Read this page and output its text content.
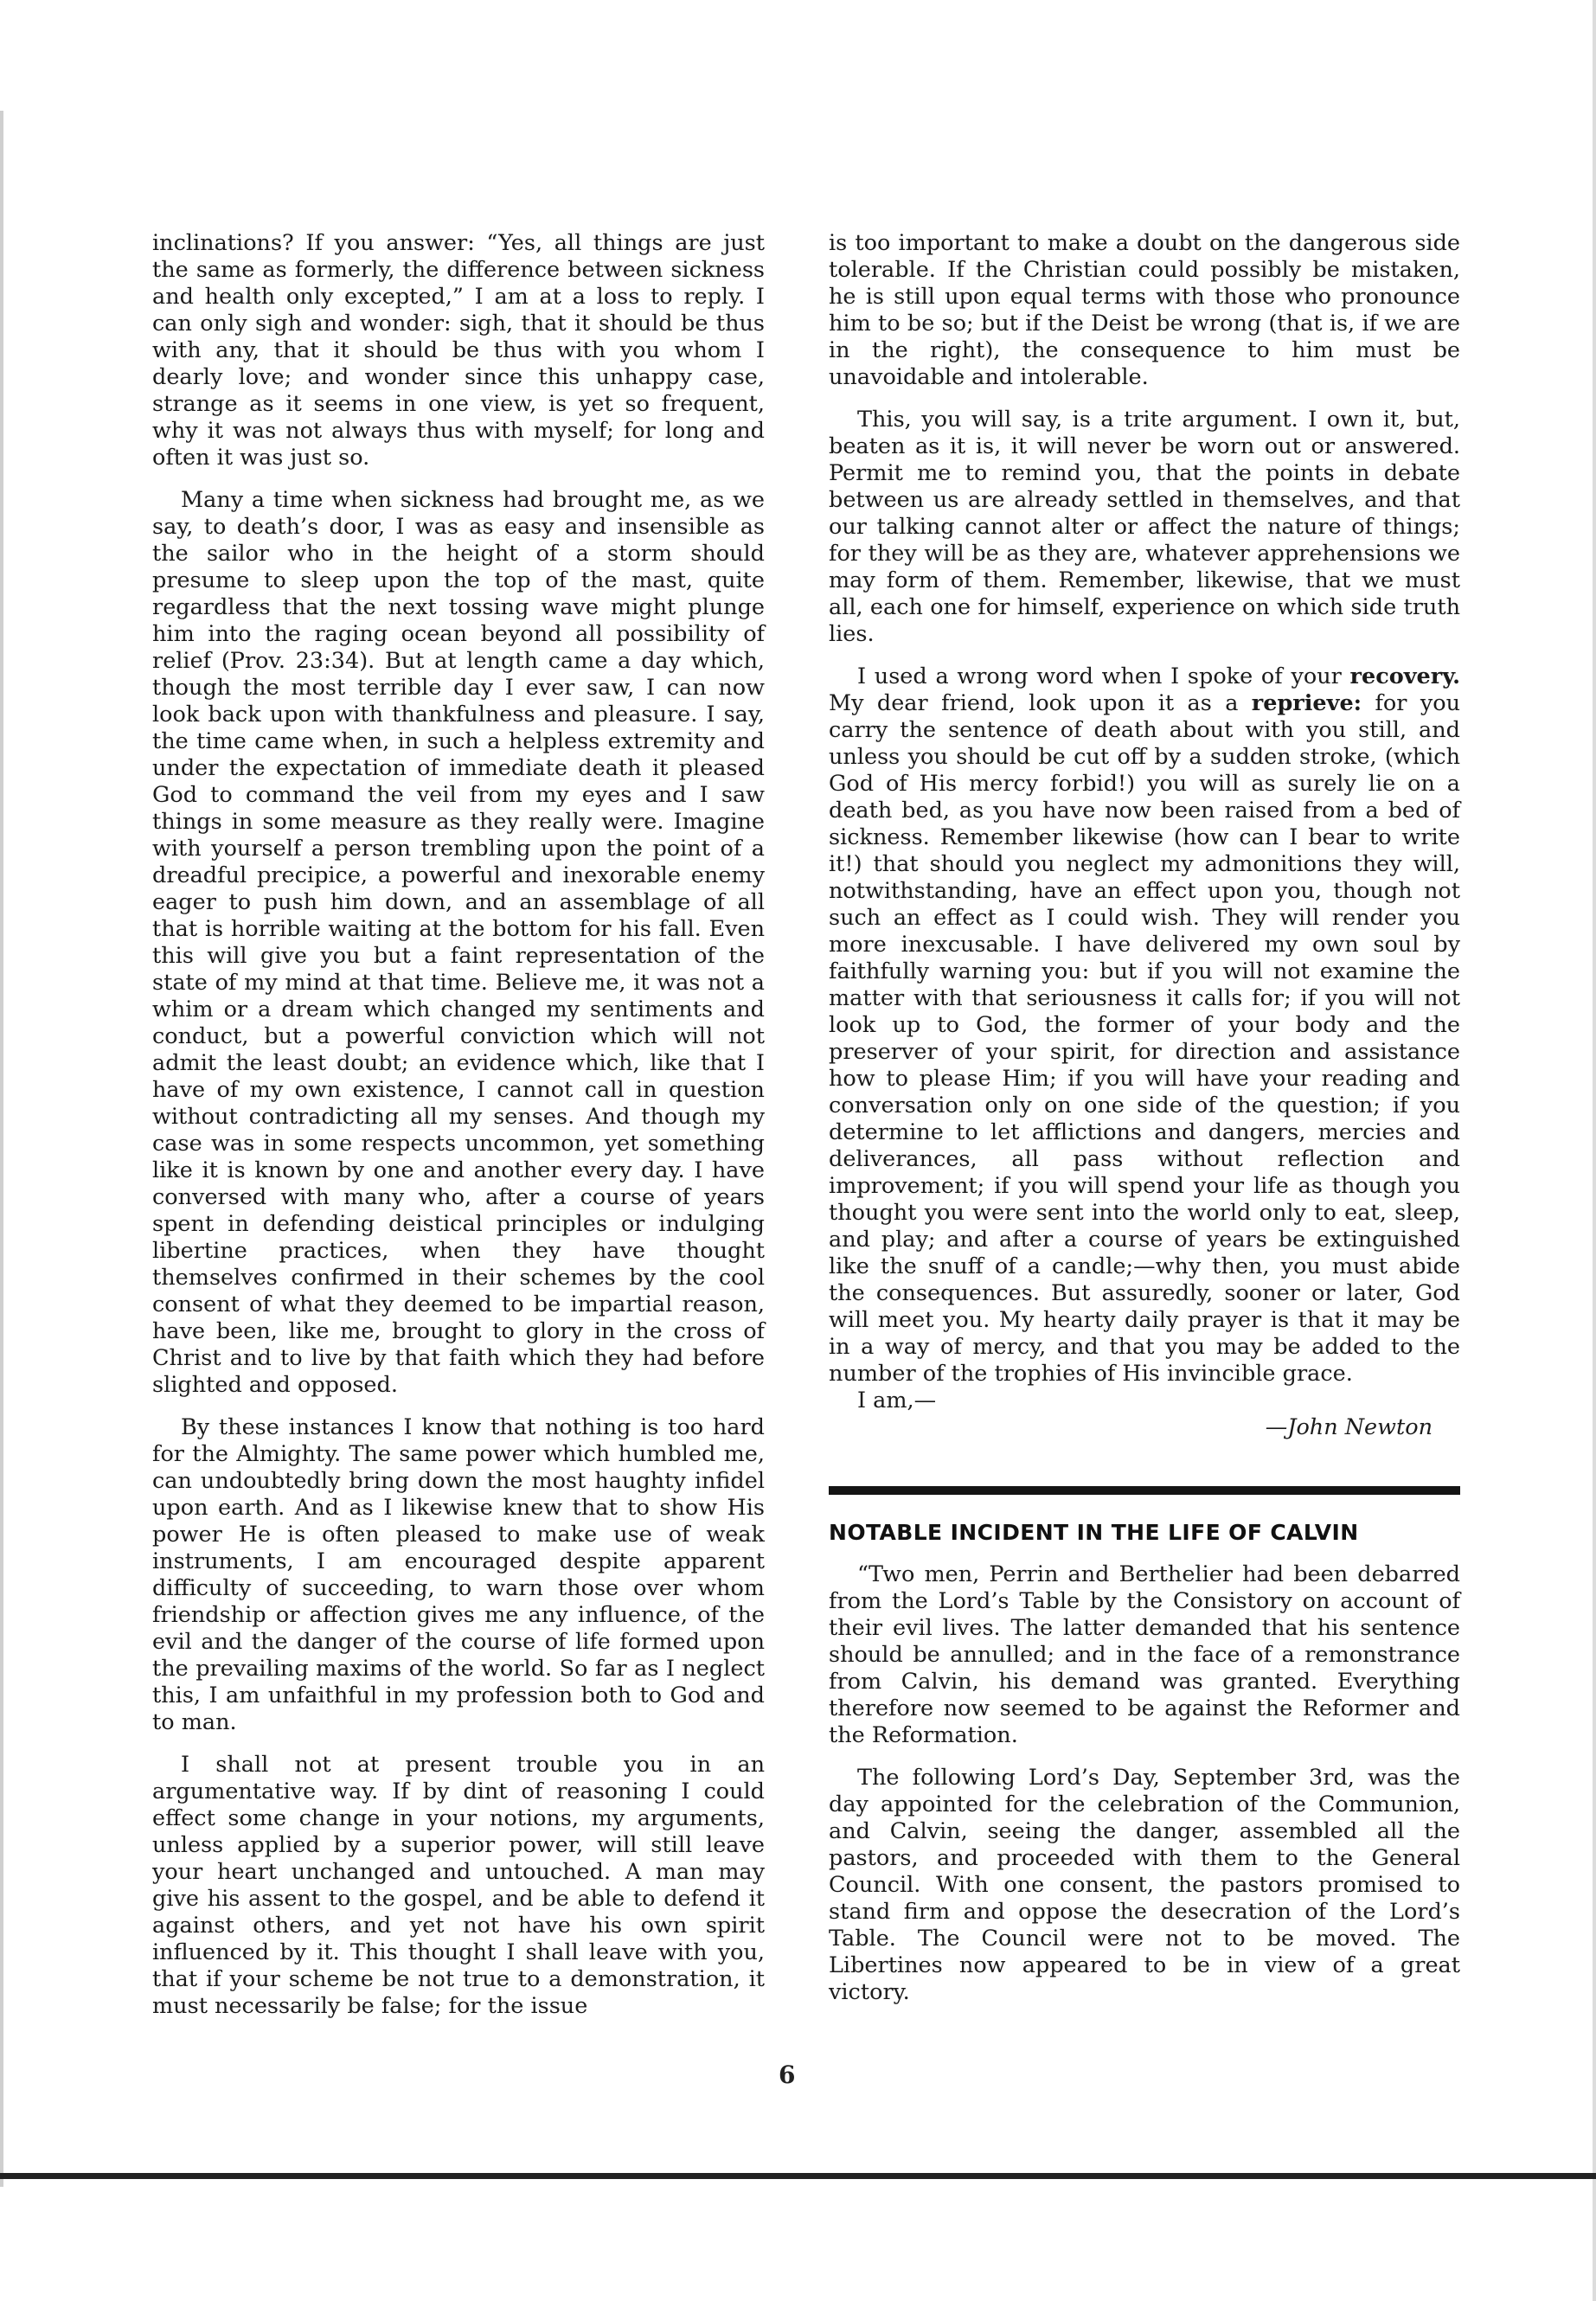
inclinations? If you answer: “Yes, all things are just the same as formerly, the difference between sickness and health only excepted,” I am at a loss to reply. I can only sigh and wonder: sigh, that it should be thus with any, that it should be thus with you whom I dearly love; and wonder since this unhappy case, strange as it seems in one view, is yet so frequent, why it was not always thus with myself; for long and often it was just so.

Many a time when sickness had brought me, as we say, to death’s door, I was as easy and insensible as the sailor who in the height of a storm should presume to sleep upon the top of the mast, quite regardless that the next tossing wave might plunge him into the raging ocean beyond all possibility of relief (Prov. 23:34). But at length came a day which, though the most terrible day I ever saw, I can now look back upon with thankfulness and pleasure. I say, the time came when, in such a helpless extremity and under the expectation of immediate death it pleased God to command the veil from my eyes and I saw things in some measure as they really were. Imagine with yourself a person trembling upon the point of a dreadful precipice, a powerful and inexorable enemy eager to push him down, and an assemblage of all that is horrible waiting at the bottom for his fall. Even this will give you but a faint representation of the state of my mind at that time. Believe me, it was not a whim or a dream which changed my sentiments and conduct, but a powerful conviction which will not admit the least doubt; an evidence which, like that I have of my own existence, I cannot call in question without contradicting all my senses. And though my case was in some respects uncommon, yet something like it is known by one and another every day. I have conversed with many who, after a course of years spent in defending deistical principles or indulging libertine practices, when they have thought themselves confirmed in their schemes by the cool consent of what they deemed to be impartial reason, have been, like me, brought to glory in the cross of Christ and to live by that faith which they had before slighted and opposed.

By these instances I know that nothing is too hard for the Almighty. The same power which humbled me, can undoubtedly bring down the most haughty infidel upon earth. And as I likewise knew that to show His power He is often pleased to make use of weak instruments, I am encouraged despite apparent difficulty of succeeding, to warn those over whom friendship or affection gives me any influence, of the evil and the danger of the course of life formed upon the prevailing maxims of the world. So far as I neglect this, I am unfaithful in my profession both to God and to man.

I shall not at present trouble you in an argumentative way. If by dint of reasoning I could effect some change in your notions, my arguments, unless applied by a superior power, will still leave your heart unchanged and untouched. A man may give his assent to the gospel, and be able to defend it against others, and yet not have his own spirit influenced by it. This thought I shall leave with you, that if your scheme be not true to a demonstration, it must necessarily be false; for the issue

is too important to make a doubt on the dangerous side tolerable. If the Christian could possibly be mistaken, he is still upon equal terms with those who pronounce him to be so; but if the Deist be wrong (that is, if we are in the right), the consequence to him must be unavoidable and intolerable.

This, you will say, is a trite argument. I own it, but, beaten as it is, it will never be worn out or answered. Permit me to remind you, that the points in debate between us are already settled in themselves, and that our talking cannot alter or affect the nature of things; for they will be as they are, whatever apprehensions we may form of them. Remember, likewise, that we must all, each one for himself, experience on which side truth lies.

I used a wrong word when I spoke of your recovery. My dear friend, look upon it as a reprieve: for you carry the sentence of death about with you still, and unless you should be cut off by a sudden stroke, (which God of His mercy forbid!) you will as surely lie on a death bed, as you have now been raised from a bed of sickness. Remember likewise (how can I bear to write it!) that should you neglect my admonitions they will, notwithstanding, have an effect upon you, though not such an effect as I could wish. They will render you more inexcusable. I have delivered my own soul by faithfully warning you: but if you will not examine the matter with that seriousness it calls for; if you will not look up to God, the former of your body and the preserver of your spirit, for direction and assistance how to please Him; if you will have your reading and conversation only on one side of the question; if you determine to let afflictions and dangers, mercies and deliverances, all pass without reflection and improvement; if you will spend your life as though you thought you were sent into the world only to eat, sleep, and play; and after a course of years be extinguished like the snuff of a candle;—why then, you must abide the consequences. But assuredly, sooner or later, God will meet you. My hearty daily prayer is that it may be in a way of mercy, and that you may be added to the number of the trophies of His invincible grace.

I am,—

—John Newton

NOTABLE INCIDENT IN THE LIFE OF CALVIN

“Two men, Perrin and Berthelier had been debarred from the Lord’s Table by the Consistory on account of their evil lives. The latter demanded that his sentence should be annulled; and in the face of a remonstrance from Calvin, his demand was granted. Everything therefore now seemed to be against the Reformer and the Reformation.

The following Lord’s Day, September 3rd, was the day appointed for the celebration of the Communion, and Calvin, seeing the danger, assembled all the pastors, and proceeded with them to the General Council. With one consent, the pastors promised to stand firm and oppose the desecration of the Lord’s Table. The Council were not to be moved. The Libertines now appeared to be in view of a great victory.

6
